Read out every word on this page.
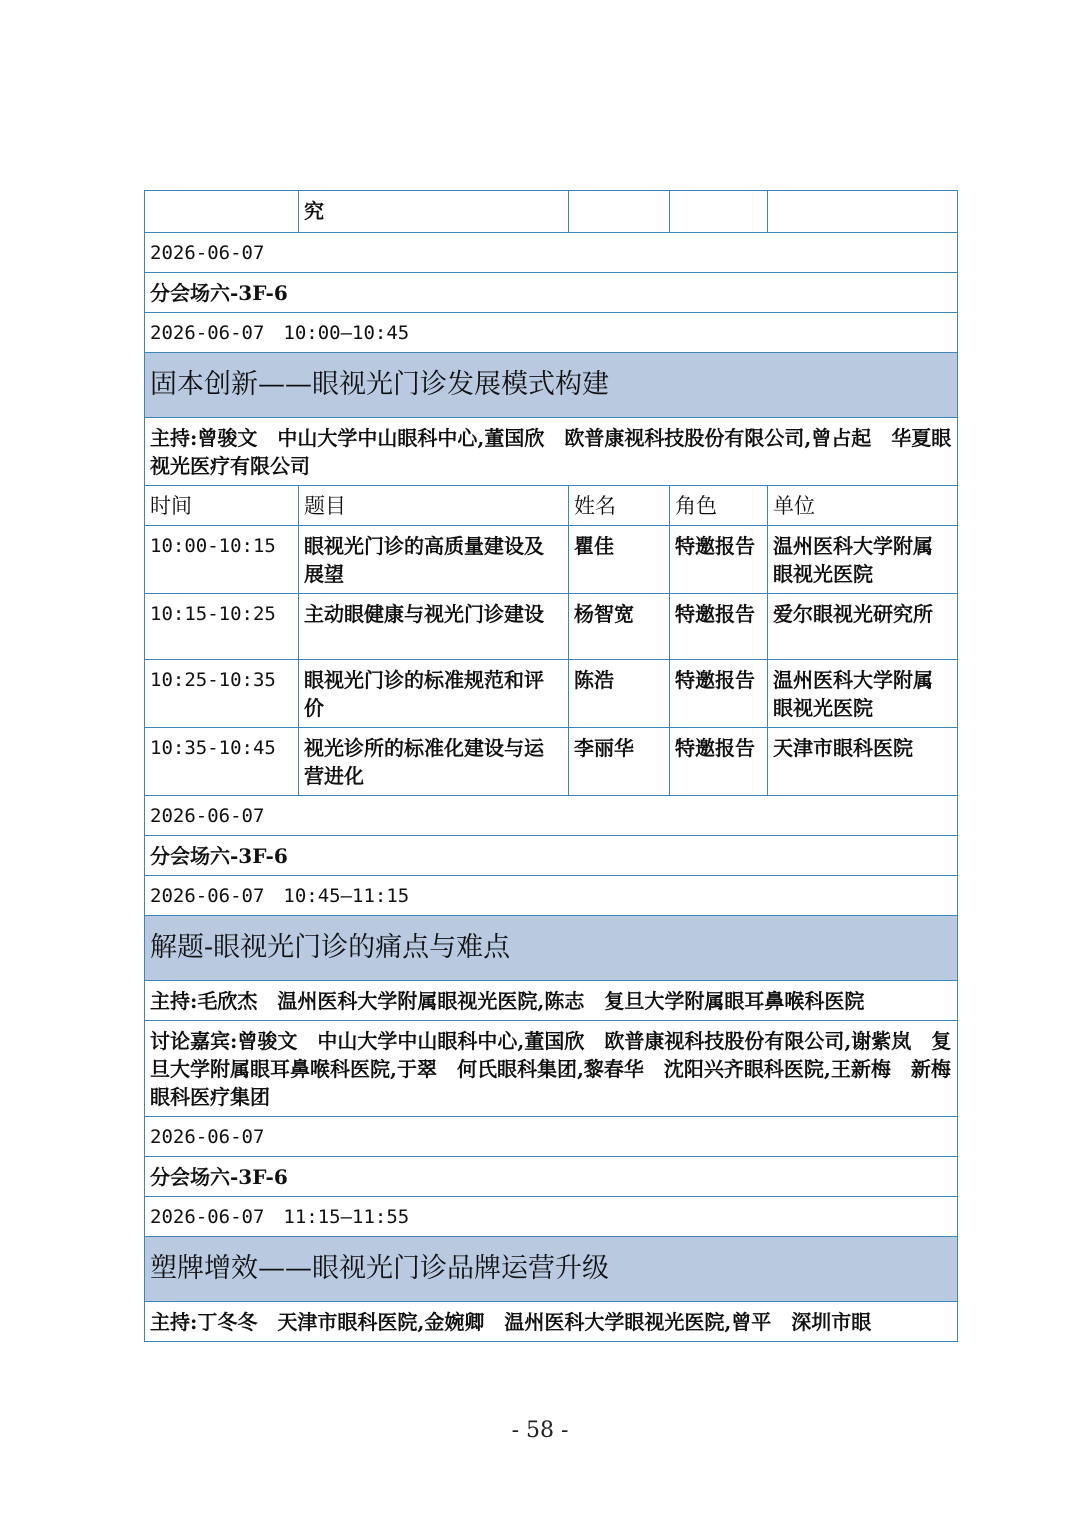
	究			
2026-06-07				
分会场六-3F-6				
2026-06-07　10:00—10:45				
固本创新——眼视光门诊发展模式构建				
主持:曾骏文　中山大学中山眼科中心,董国欣　欧普康视科技股份有限公司,曾占起　华夏眼视光医疗有限公司				
时间	题目	姓名	角色	单位
10:00-10:15	眼视光门诊的高质量建设及展望	瞿佳	特邀报告	温州医科大学附属眼视光医院
10:15-10:25	主动眼健康与视光门诊建设	杨智宽	特邀报告	爱尔眼视光研究所
10:25-10:35	眼视光门诊的标准规范和评价	陈浩	特邀报告	温州医科大学附属眼视光医院
10:35-10:45	视光诊所的标准化建设与运营进化	李丽华	特邀报告	天津市眼科医院
2026-06-07				
分会场六-3F-6				
2026-06-07　10:45—11:15				
解题-眼视光门诊的痛点与难点				
主持:毛欣杰　温州医科大学附属眼视光医院,陈志　复旦大学附属眼耳鼻喉科医院				
讨论嘉宾:曾骏文　中山大学中山眼科中心,董国欣　欧普康视科技股份有限公司,谢紫岚　复旦大学附属眼耳鼻喉科医院,于翠　何氏眼科集团,黎春华　沈阳兴齐眼科医院,王新梅　新梅眼科医疗集团				
2026-06-07				
分会场六-3F-6				
2026-06-07　11:15—11:55				
塑牌增效——眼视光门诊品牌运营升级				
主持:丁冬冬　天津市眼科医院,金婉卿　温州医科大学眼视光医院,曾平　深圳市眼				
- 58 -
